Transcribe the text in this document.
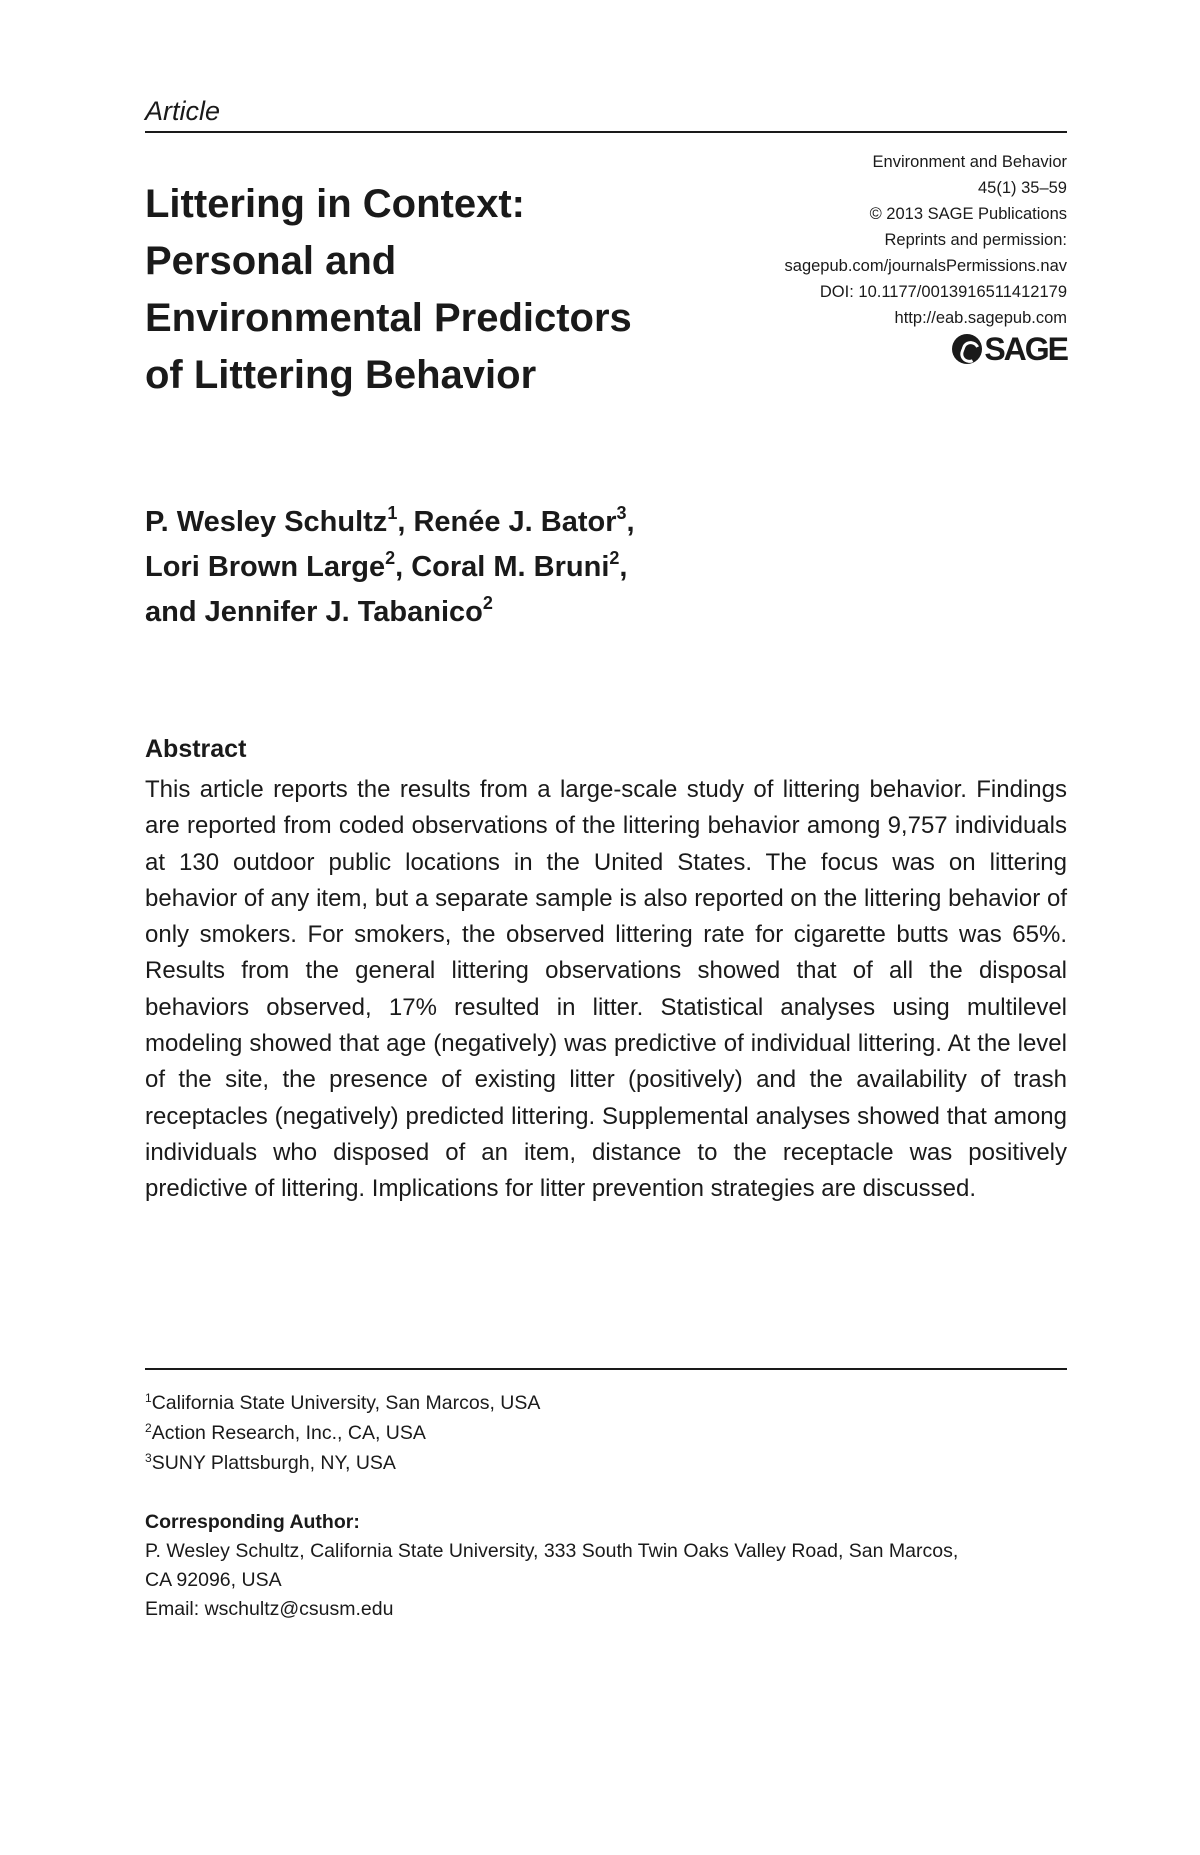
Article
Littering in Context:
Personal and
Environmental Predictors
of Littering Behavior
Environment and Behavior
45(1) 35–59
© 2013 SAGE Publications
Reprints and permission:
sagepub.com/journalsPermissions.nav
DOI: 10.1177/0013916511412179
http://eab.sagepub.com
SAGE
P. Wesley Schultz$^1$, Renée J. Bator$^3$,
Lori Brown Large$^2$, Coral M. Bruni$^2$,
and Jennifer J. Tabanico$^2$
Abstract

This article reports the results from a large-scale study of littering behavior. Findings are reported from coded observations of the littering behavior among 9,757 individuals at 130 outdoor public locations in the United States. The focus was on littering behavior of any item, but a separate sample is also reported on the littering behavior of only smokers. For smokers, the observed littering rate for cigarette butts was 65%. Results from the general littering observations showed that of all the disposal behaviors observed, 17% resulted in litter. Statistical analyses using multilevel modeling showed that age (negatively) was predictive of individual littering. At the level of the site, the presence of existing litter (positively) and the availability of trash receptacles (negatively) predicted littering. Supplemental analyses showed that among individuals who disposed of an item, distance to the receptacle was positively predictive of littering. Implications for litter prevention strategies are discussed.

$^1$California State University, San Marcos, USA
$^2$Action Research, Inc., CA, USA
$^3$SUNY Plattsburgh, NY, USA
Corresponding Author:
P. Wesley Schultz, California State University, 333 South Twin Oaks Valley Road, San Marcos,
CA 92096, USA
Email: wschultz@csusm.edu
